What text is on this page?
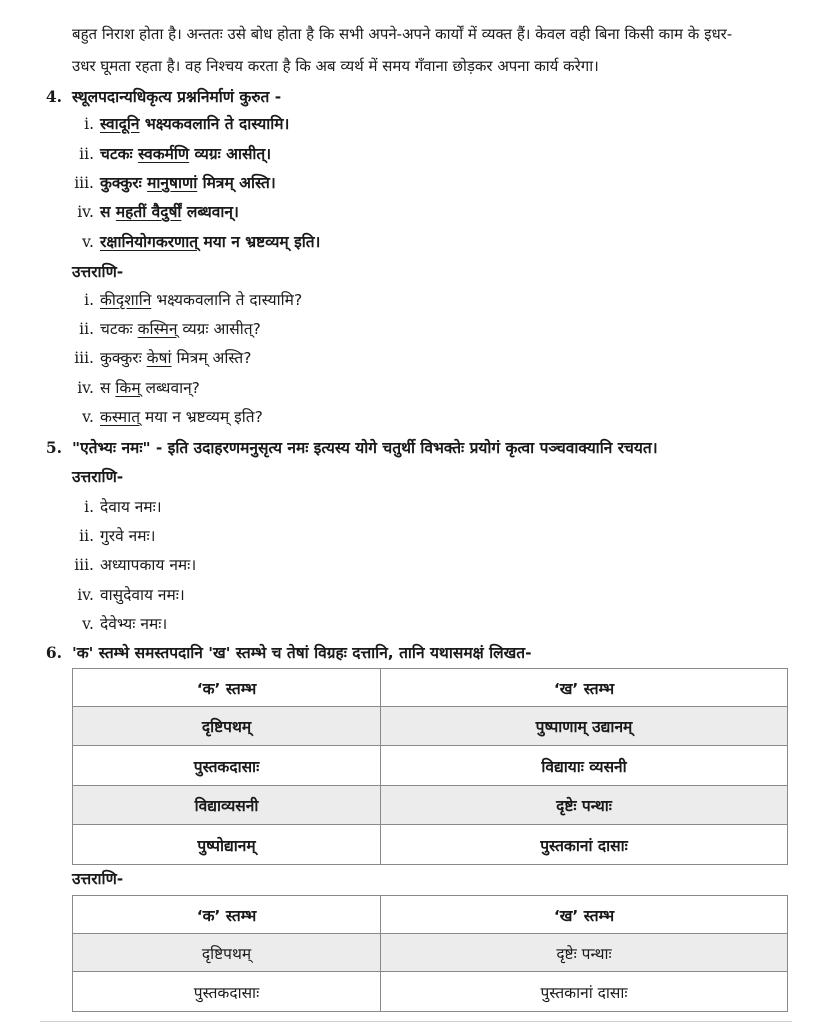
बहुत निराश होता है। अन्ततः उसे बोध होता है कि सभी अपने-अपने कार्यों में व्यक्त हैं। केवल वही बिना किसी काम के इधर-
उधर घूमता रहता है। वह निश्चय करता है कि अब व्यर्थ में समय गँवाना छोड़कर अपना कार्य करेगा।
4. स्थूलपदान्यधिकृत्य प्रश्ननिर्माणं कुरुत -
i. स्वादूनि भक्ष्यकवलानि ते दास्यामि।
ii. चटकः स्वकर्मणि व्यग्रः आसीत्।
iii. कुक्कुरः मानुषाणां मित्रम् अस्ति।
iv. स महतीं वैदुर्षीं लब्धवान्।
v. रक्षानियोगकरणात् मया न भ्रष्टव्यम् इति।
उत्तराणि-
i. कीदृशानि भक्ष्यकवलानि ते दास्यामि?
ii. चटकः कस्मिन् व्यग्रः आसीत्?
iii. कुक्कुरः केषां मित्रम् अस्ति?
iv. स किम् लब्धवान्?
v. कस्मात् मया न भ्रष्टव्यम् इति?
5. "एतेभ्यः नमः" - इति उदाहरणमनुसृत्य नमः इत्यस्य योगे चतुर्थी विभक्तेः प्रयोगं कृत्वा पञ्चवाक्यानि रचयत।
उत्तराणि-
i. देवाय नमः।
ii. गुरवे नमः।
iii. अध्यापकाय नमः।
iv. वासुदेवाय नमः।
v. देवेभ्यः नमः।
6. 'क' स्तम्भे समस्तपदानि 'ख' स्तम्भे च तेषां विग्रहः दत्तानि, तानि यथासमक्षं लिखत-
‘क’ स्तम्भ	‘ख’ स्तम्भ
दृष्टिपथम्	पुष्पाणाम् उद्यानम्
पुस्तकदासाः	विद्यायाः व्यसनी
विद्याव्यसनी	दृष्टेः पन्थाः
पुष्पोद्यानम्	पुस्तकानां दासाः
उत्तराणि-
‘क’ स्तम्भ	‘ख’ स्तम्भ
दृष्टिपथम्	दृष्टेः पन्थाः
पुस्तकदासाः	पुस्तकानां दासाः
